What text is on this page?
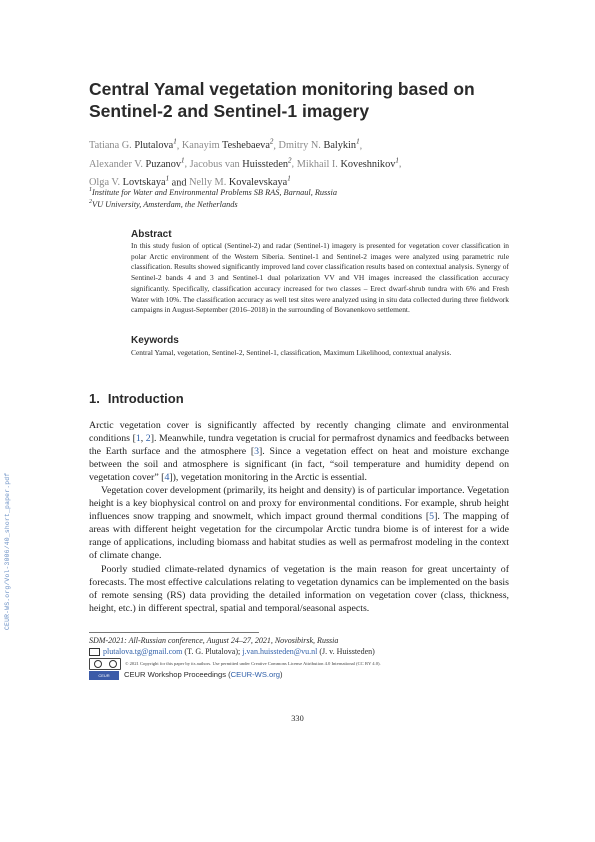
Central Yamal vegetation monitoring based on
Sentinel-2 and Sentinel-1 imagery
Tatiana G. Plutalova$^1$, Kanayim Teshebaeva$^2$, Dmitry N. Balykin$^1$,
Alexander V. Puzanov$^1$, Jacobus van Huissteden$^2$, Mikhail I. Koveshnikov$^1$,
Olga V. Lovtskaya$^1$ and Nelly M. Kovalevskaya$^1$
$^1$Institute for Water and Environmental Problems SB RAS, Barnaul, Russia
$^2$VU University, Amsterdam, the Netherlands
Abstract
In this study fusion of optical (Sentinel-2) and radar (Sentinel-1) imagery is presented for vegetation cover classification in polar Arctic environment of the Western Siberia. Sentinel-1 and Sentinel-2 images were analyzed using parametric rule classification. Results showed significantly improved land cover classification results based on contextual analysis. Synergy of Sentinel-2 bands 4 and 3 and Sentinel-1 dual polarization VV and VH images increased the classification accuracy significantly. Specifically, classification accuracy increased for two classes – Erect dwarf-shrub tundra with 6% and Fresh Water with 10%. The classification accuracy as well test sites were analyzed using in situ data collected during three fieldwork campaigns in August-September (2016–2018) in the surrounding of Bovanenkovo settlement.
Keywords
Central Yamal, vegetation, Sentinel-2, Sentinel-1, classification, Maximum Likelihood, contextual analysis.
1. Introduction

Arctic vegetation cover is significantly affected by recently changing climate and environmental conditions [1, 2]. Meanwhile, tundra vegetation is crucial for permafrost dynamics and feedbacks between the Earth surface and the atmosphere [3]. Since a vegetation effect on heat and moisture exchange between the soil and atmosphere is significant (in fact, “soil temperature and humidity depend on vegetation cover” [4]), vegetation monitoring in the Arctic is essential.

Vegetation cover development (primarily, its height and density) is of particular importance. Vegetation height is a key biophysical control on and proxy for environmental conditions. For example, shrub height influences snow trapping and snowmelt, which impact ground thermal conditions [5]. The mapping of areas with different height vegetation for the circumpolar Arctic tundra biome is of interest for a wide range of applications, including biomass and habitat studies as well as permafrost modeling in the context of climate change.

Poorly studied climate-related dynamics of vegetation is the main reason for great uncertainty of forecasts. The most effective calculations relating to vegetation dynamics can be implemented on the basis of remote sensing (RS) data providing the detailed information on vegetation cover (class, thickness, height, etc.) in different spectral, spatial and temporal/seasonal aspects.

SDM-2021: All-Russian conference, August 24–27, 2021, Novosibirsk, Russia
plutalova.tg@gmail.com (T. G. Plutalova); j.van.huissteden@vu.nl (J. v. Huissteden)
© 2021 Copyright for this paper by its authors. Use permitted under Creative Commons License Attribution 4.0 International (CC BY 4.0).
CEUR Workshop
CEUR Workshop Proceedings (CEUR-WS.org)
330
CEUR-WS.org/Vol-3006/40_short_paper.pdf
